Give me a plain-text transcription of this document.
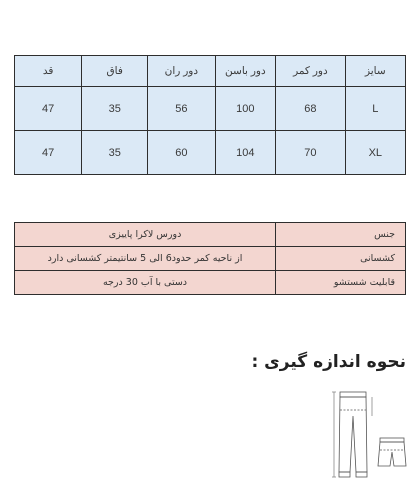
سایز	دور کمر	دور باسن	دور ران	فاق	قد
L	68	100	56	35	47
XL	70	104	60	35	47
جنس	دورس لاکرا پاییزی
کشسانی	از ناحیه کمر حدود6 الی 5 سانتیمتر کشسانی دارد
قابلیت شستشو	دستی با آب 30 درجه
نحوه اندازه گیری :
